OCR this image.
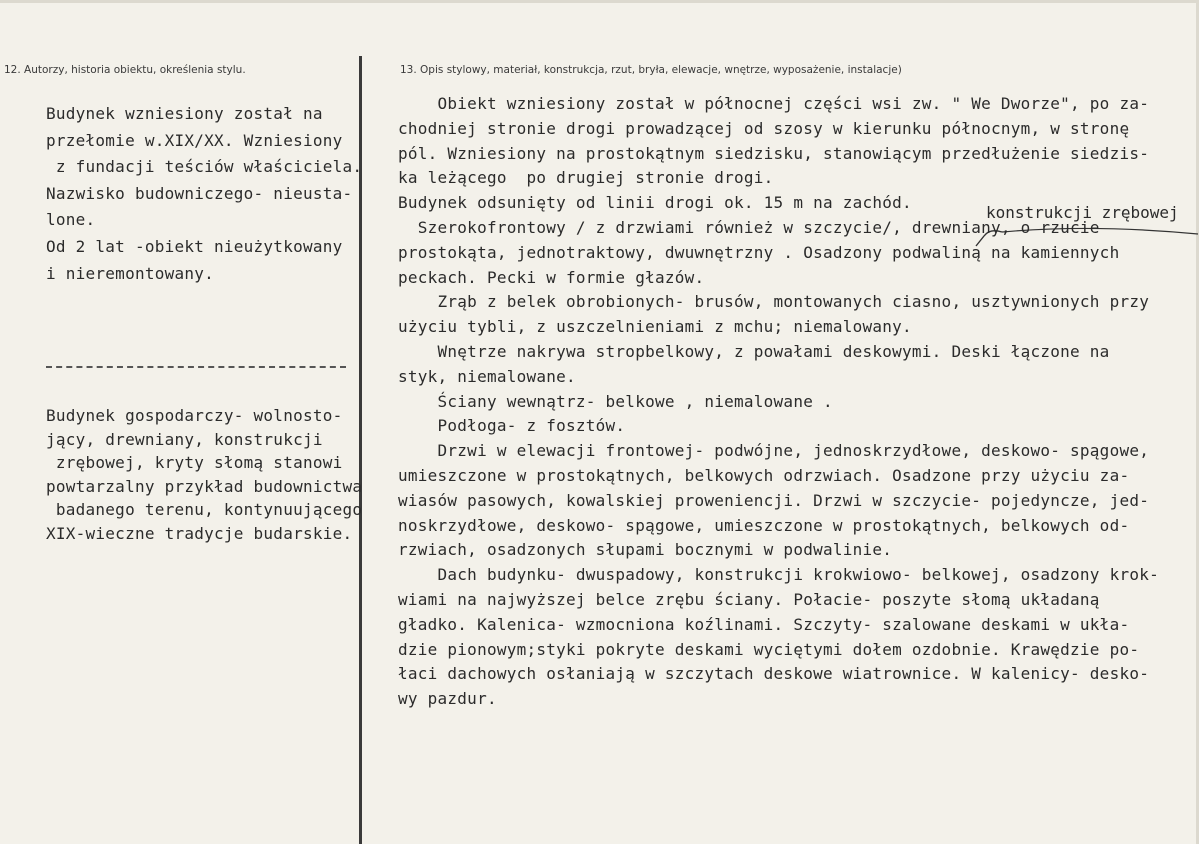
12. Autorzy, historia obiektu, określenia stylu.	13. Opis stylowy, materiał, konstrukcja, rzut, bryła, elewacje, wnętrze, wyposażenie, instalacje)
Budynek wzniesiony został na
przełomie w.XIX/XX. Wzniesiony
z fundacji teściów właściciela.
Nazwisko budowniczego- nieusta-
lone.
Od 2 lat -obiekt nieużytkowany
i nieremontowany.
Budynek gospodarczy- wolnosto-
jący, drewniany, konstrukcji
zrębowej, kryty słomą stanowi
powtarzalny przykład budownictwa
badanego terenu, kontynuującego
XIX-wieczne tradycje budarskie.
konstrukcji zrębowej
Obiekt wzniesiony został w północnej części wsi zw. " We Dworze", po za-
chodniej stronie drogi prowadzącej od szosy w kierunku północnym, w stronę
pól. Wzniesiony na prostokątnym siedzisku, stanowiącym przedłużenie siedzis-
ka leżącego  po drugiej stronie drogi.
Budynek odsunięty od linii drogi ok. 15 m na zachód.
Szerokofrontowy / z drzwiami również w szczycie/, drewniany, o rzucie
prostokąta, jednotraktowy, dwuwnętrzny . Osadzony podwaliną na kamiennych
peckach. Pecki w formie głazów.
Zrąb z belek obrobionych- brusów, montowanych ciasno, usztywnionych przy
użyciu tybli, z uszczelnieniami z mchu; niemalowany.
Wnętrze nakrywa stropbelkowy, z powałami deskowymi. Deski łączone na
styk, niemalowane.
Ściany wewnątrz- belkowe , niemalowane .
Podłoga- z fosztów.
Drzwi w elewacji frontowej- podwójne, jednoskrzydłowe, deskowo- spągowe,
umieszczone w prostokątnych, belkowych odrzwiach. Osadzone przy użyciu za-
wiasów pasowych, kowalskiej proweniencji. Drzwi w szczycie- pojedyncze, jed-
noskrzydłowe, deskowo- spągowe, umieszczone w prostokątnych, belkowych od-
rzwiach, osadzonych słupami bocznymi w podwalinie.
Dach budynku- dwuspadowy, konstrukcji krokwiowo- belkowej, osadzony krok-
wiami na najwyższej belce zrębu ściany. Połacie- poszyte słomą układaną
gładko. Kalenica- wzmocniona koźlinami. Szczyty- szalowane deskami w ukła-
dzie pionowym;styki pokryte deskami wyciętymi dołem ozdobnie. Krawędzie po-
łaci dachowych osłaniają w szczytach deskowe wiatrownice. W kalenicy- desko-
wy pazdur.
